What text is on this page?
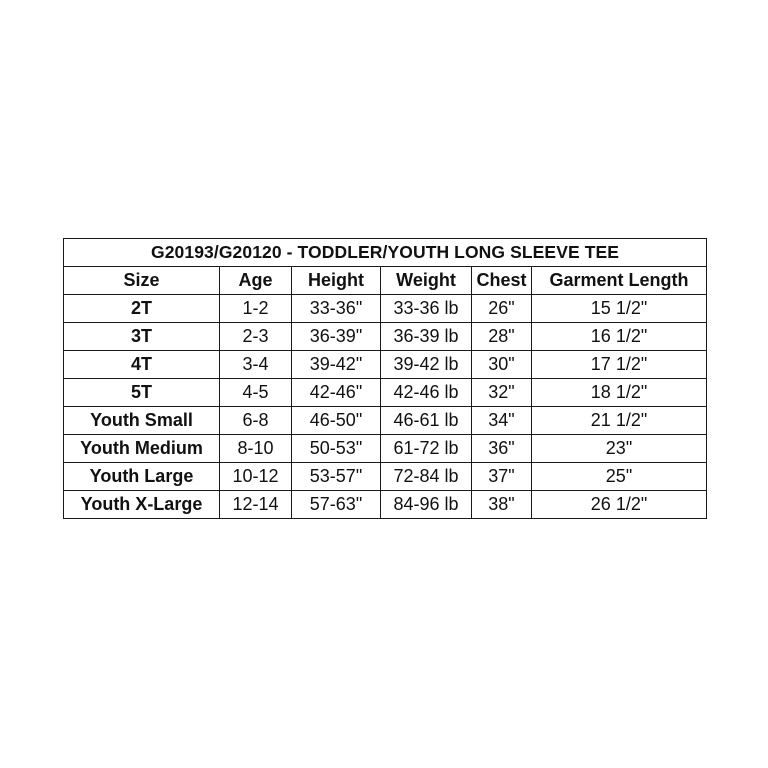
G20193/G20120 - TODDLER/YOUTH LONG SLEEVE TEE					
Size	Age	Height	Weight	Chest	Garment Length
2T	1-2	33-36"	33-36 lb	26"	15 1/2"
3T	2-3	36-39"	36-39 lb	28"	16 1/2"
4T	3-4	39-42"	39-42 lb	30"	17 1/2"
5T	4-5	42-46"	42-46 lb	32"	18 1/2"
Youth Small	6-8	46-50"	46-61 lb	34"	21 1/2"
Youth Medium	8-10	50-53"	61-72 lb	36"	23"
Youth Large	10-12	53-57"	72-84 lb	37"	25"
Youth X-Large	12-14	57-63"	84-96 lb	38"	26 1/2"
